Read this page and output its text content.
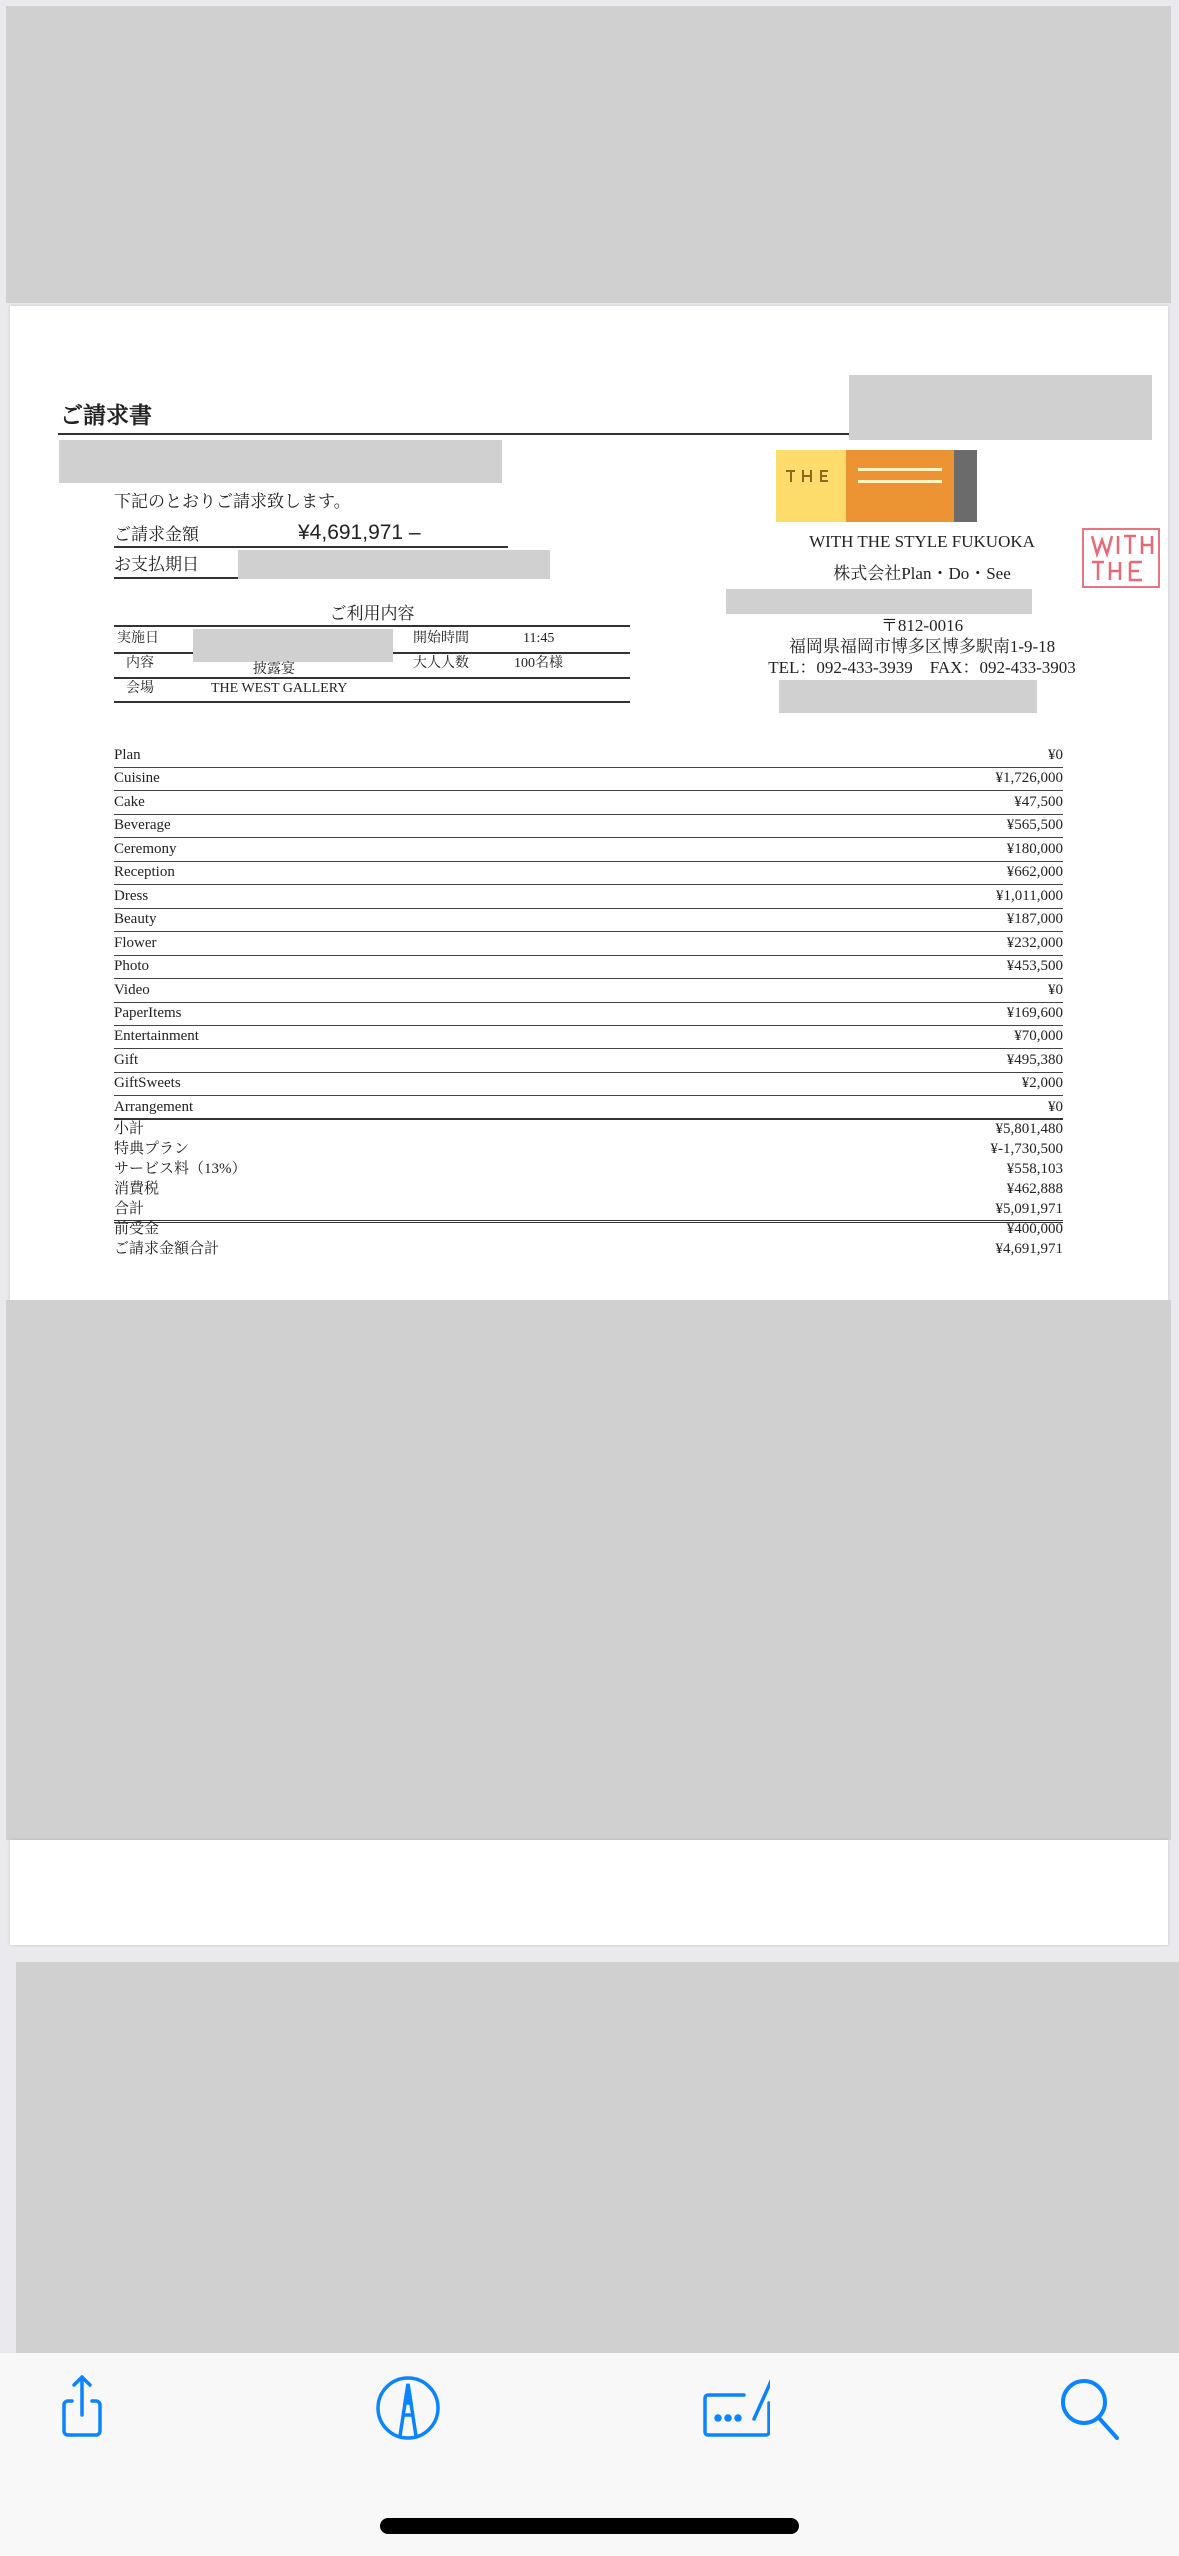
ご請求書
下記のとおりご請求致します。
ご請求金額	¥4,691,971 –
お支払期日
ご利用内容
実施日	開始時間	11:45
内容	披露宴	大人人数	100名様
会場	THE WEST GALLERY
WITH THE STYLE FUKUOKA
株式会社Plan・Do・See
〒812-0016
福岡県福岡市博多区博多駅南1-9-18
TEL：092-433-3939　FAX：092-433-3903
Plan	¥0
Cuisine	¥1,726,000
Cake	¥47,500
Beverage	¥565,500
Ceremony	¥180,000
Reception	¥662,000
Dress	¥1,011,000
Beauty	¥187,000
Flower	¥232,000
Photo	¥453,500
Video	¥0
PaperItems	¥169,600
Entertainment	¥70,000
Gift	¥495,380
GiftSweets	¥2,000
Arrangement	¥0
小計	¥5,801,480
特典プラン	¥-1,730,500
サービス料（13%）	¥558,103
消費税	¥462,888
合計	¥5,091,971
前受金	¥400,000
ご請求金額合計	¥4,691,971
